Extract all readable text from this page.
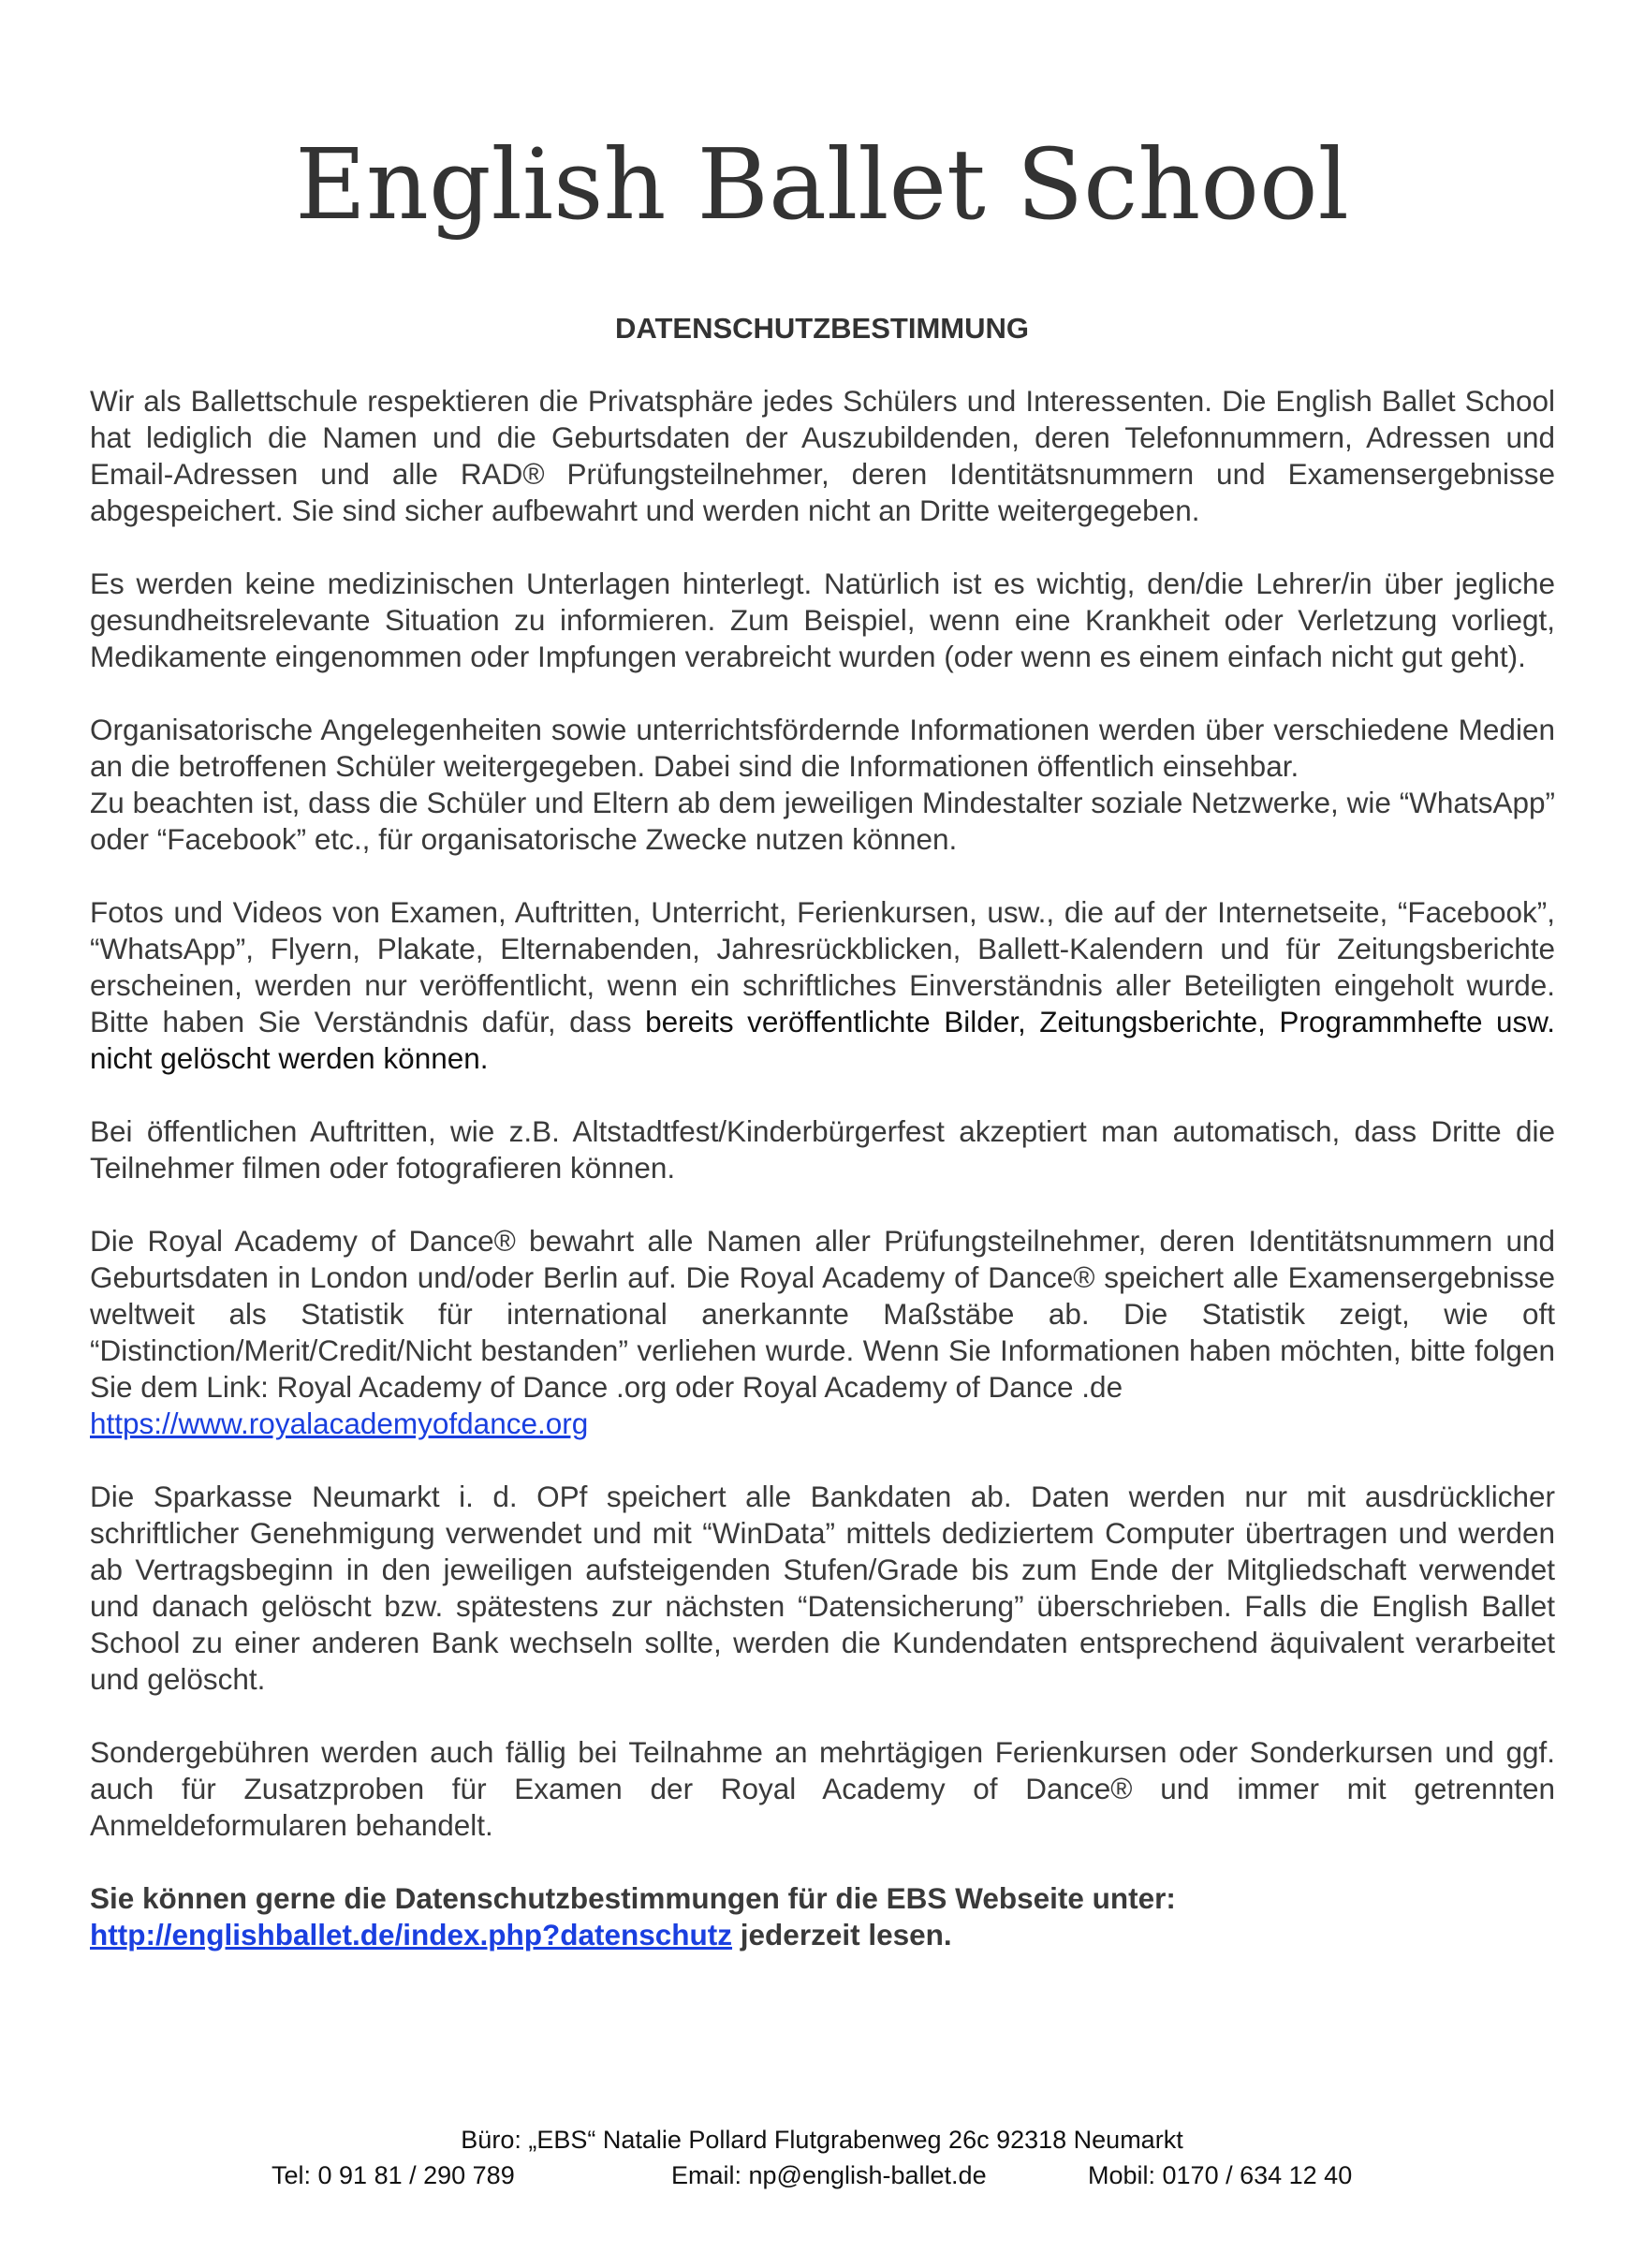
English Ballet School
DATENSCHUTZBESTIMMUNG

Wir als Ballettschule respektieren die Privatsphäre jedes Schülers und Interessenten. Die English Ballet School hat lediglich die Namen und die Geburtsdaten der Auszubildenden, deren Telefonnummern, Adressen und Email-Adressen und alle RAD® Prüfungsteilnehmer, deren Identitätsnummern und Examensergebnisse abgespeichert. Sie sind sicher aufbewahrt und werden nicht an Dritte weitergegeben.

Es werden keine medizinischen Unterlagen hinterlegt. Natürlich ist es wichtig, den/die Lehrer/in über jegliche gesundheitsrelevante Situation zu informieren. Zum Beispiel, wenn eine Krankheit oder Verletzung vorliegt, Medikamente eingenommen oder Impfungen verabreicht wurden (oder wenn es einem einfach nicht gut geht).

Organisatorische Angelegenheiten sowie unterrichtsfördernde Informationen werden über verschiedene Medien an die betroffenen Schüler weitergegeben. Dabei sind die Informationen öffentlich einsehbar.

Zu beachten ist, dass die Schüler und Eltern ab dem jeweiligen Mindestalter soziale Netzwerke, wie “WhatsApp” oder “Facebook” etc., für organisatorische Zwecke nutzen können.

Fotos und Videos von Examen, Auftritten, Unterricht, Ferienkursen, usw., die auf der Internetseite, “Facebook”, “WhatsApp”, Flyern, Plakate, Elternabenden, Jahresrückblicken, Ballett-Kalendern und für Zeitungsberichte erscheinen, werden nur veröffentlicht, wenn ein schriftliches Einverständnis aller Beteiligten eingeholt wurde. Bitte haben Sie Verständnis dafür, dass bereits veröffentlichte Bilder, Zeitungsberichte, Programmhefte usw. nicht gelöscht werden können.

Bei öffentlichen Auftritten, wie z.B. Altstadtfest/Kinderbürgerfest akzeptiert man automatisch, dass Dritte die Teilnehmer filmen oder fotografieren können.

Die Royal Academy of Dance® bewahrt alle Namen aller Prüfungsteilnehmer, deren Identitätsnummern und Geburtsdaten in London und/oder Berlin auf. Die Royal Academy of Dance® speichert alle Examensergebnisse weltweit als Statistik für international anerkannte Maßstäbe ab. Die Statistik zeigt, wie oft “Distinction/Merit/Credit/Nicht bestanden” verliehen wurde. Wenn Sie Informationen haben möchten, bitte folgen Sie dem Link: Royal Academy of Dance .org oder Royal Academy of Dance .de
https://www.royalacademyofdance.org

Die Sparkasse Neumarkt i. d. OPf speichert alle Bankdaten ab. Daten werden nur mit ausdrücklicher schriftlicher Genehmigung verwendet und mit “WinData” mittels dediziertem Computer übertragen und werden ab Vertragsbeginn in den jeweiligen aufsteigenden Stufen/Grade bis zum Ende der Mitgliedschaft verwendet und danach gelöscht bzw. spätestens zur nächsten “Datensicherung” überschrieben. Falls die English Ballet School zu einer anderen Bank wechseln sollte, werden die Kundendaten entsprechend äquivalent verarbeitet und gelöscht.

Sondergebühren werden auch fällig bei Teilnahme an mehrtägigen Ferienkursen oder Sonderkursen und ggf. auch für Zusatzproben für Examen der Royal Academy of Dance® und immer mit getrennten Anmeldeformularen behandelt.

Sie können gerne die Datenschutzbestimmungen für die EBS Webseite unter:
http://englishballet.de/index.php?datenschutz jederzeit lesen.

Büro: „EBS“ Natalie Pollard Flutgrabenweg 26c 92318 Neumarkt
Tel: 0 91 81 / 290 789	Email: np@english-ballet.de	Mobil: 0170 / 634 12 40
